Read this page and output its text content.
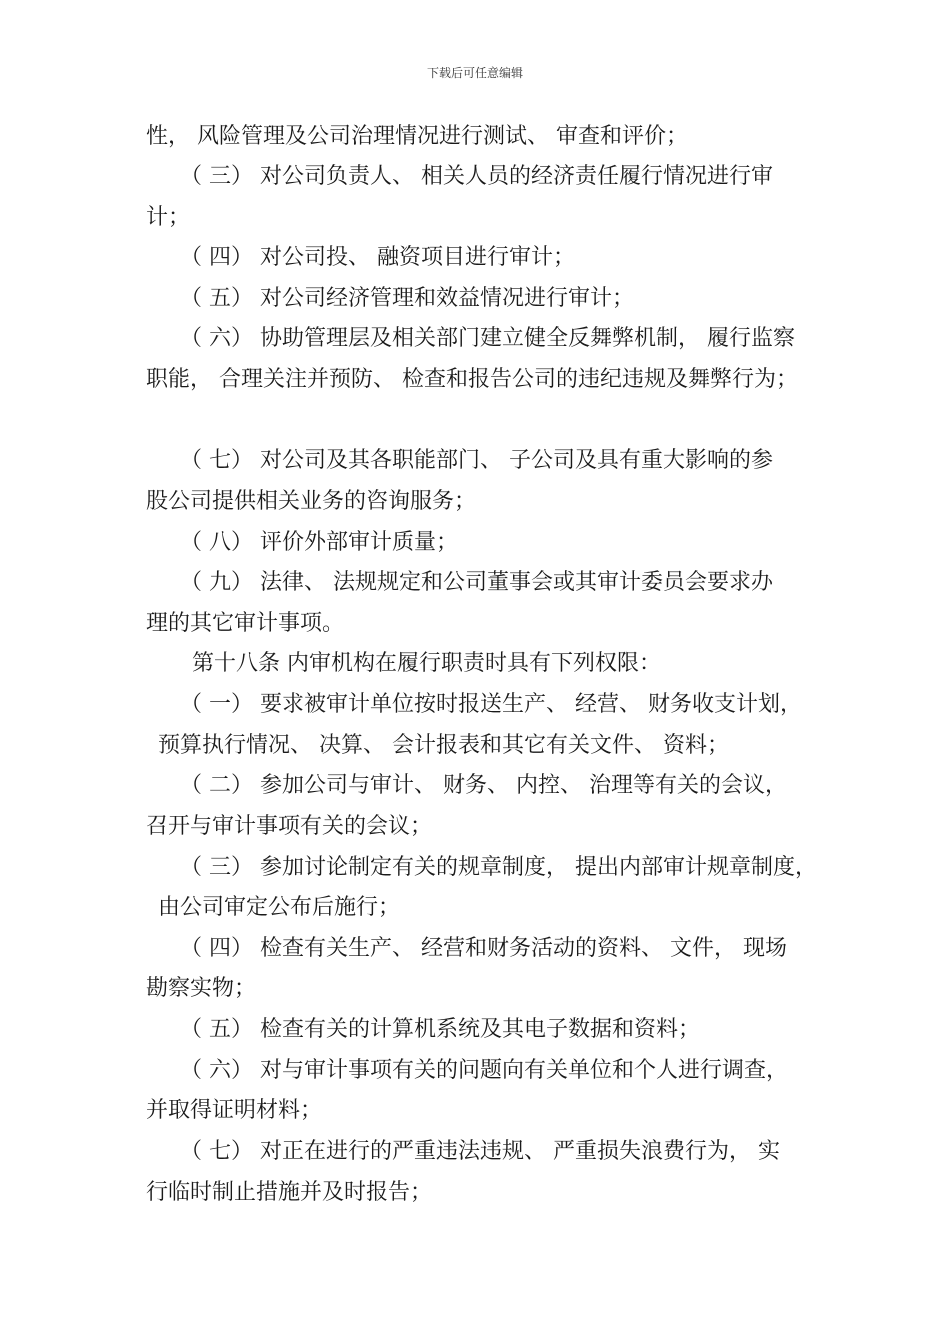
下载后可任意编辑
性， 风险管理及公司治理情况进行测试、 审查和评价；
（ 三） 对公司负责人、 相关人员的经济责任履行情况进行审
计；
（ 四） 对公司投、 融资项目进行审计；
（ 五） 对公司经济管理和效益情况进行审计；
（ 六） 协助管理层及相关部门建立健全反舞弊机制， 履行监察
职能， 合理关注并预防、 检查和报告公司的违纪违规及舞弊行为；
（ 七） 对公司及其各职能部门、 子公司及具有重大影响的参
股公司提供相关业务的咨询服务；
（ 八） 评价外部审计质量；
（ 九） 法律、 法规规定和公司董事会或其审计委员会要求办
理的其它审计事项。
第十八条 内审机构在履行职责时具有下列权限：
（ 一） 要求被审计单位按时报送生产、 经营、 财务收支计划，
预算执行情况、 决算、 会计报表和其它有关文件、 资料；
（ 二） 参加公司与审计、 财务、 内控、 治理等有关的会议，
召开与审计事项有关的会议；
（ 三） 参加讨论制定有关的规章制度， 提出内部审计规章制度，
由公司审定公布后施行；
（ 四） 检查有关生产、 经营和财务活动的资料、 文件， 现场
勘察实物；
（ 五） 检查有关的计算机系统及其电子数据和资料；
（ 六） 对与审计事项有关的问题向有关单位和个人进行调查，
并取得证明材料；
（ 七） 对正在进行的严重违法违规、 严重损失浪费行为， 实
行临时制止措施并及时报告；
